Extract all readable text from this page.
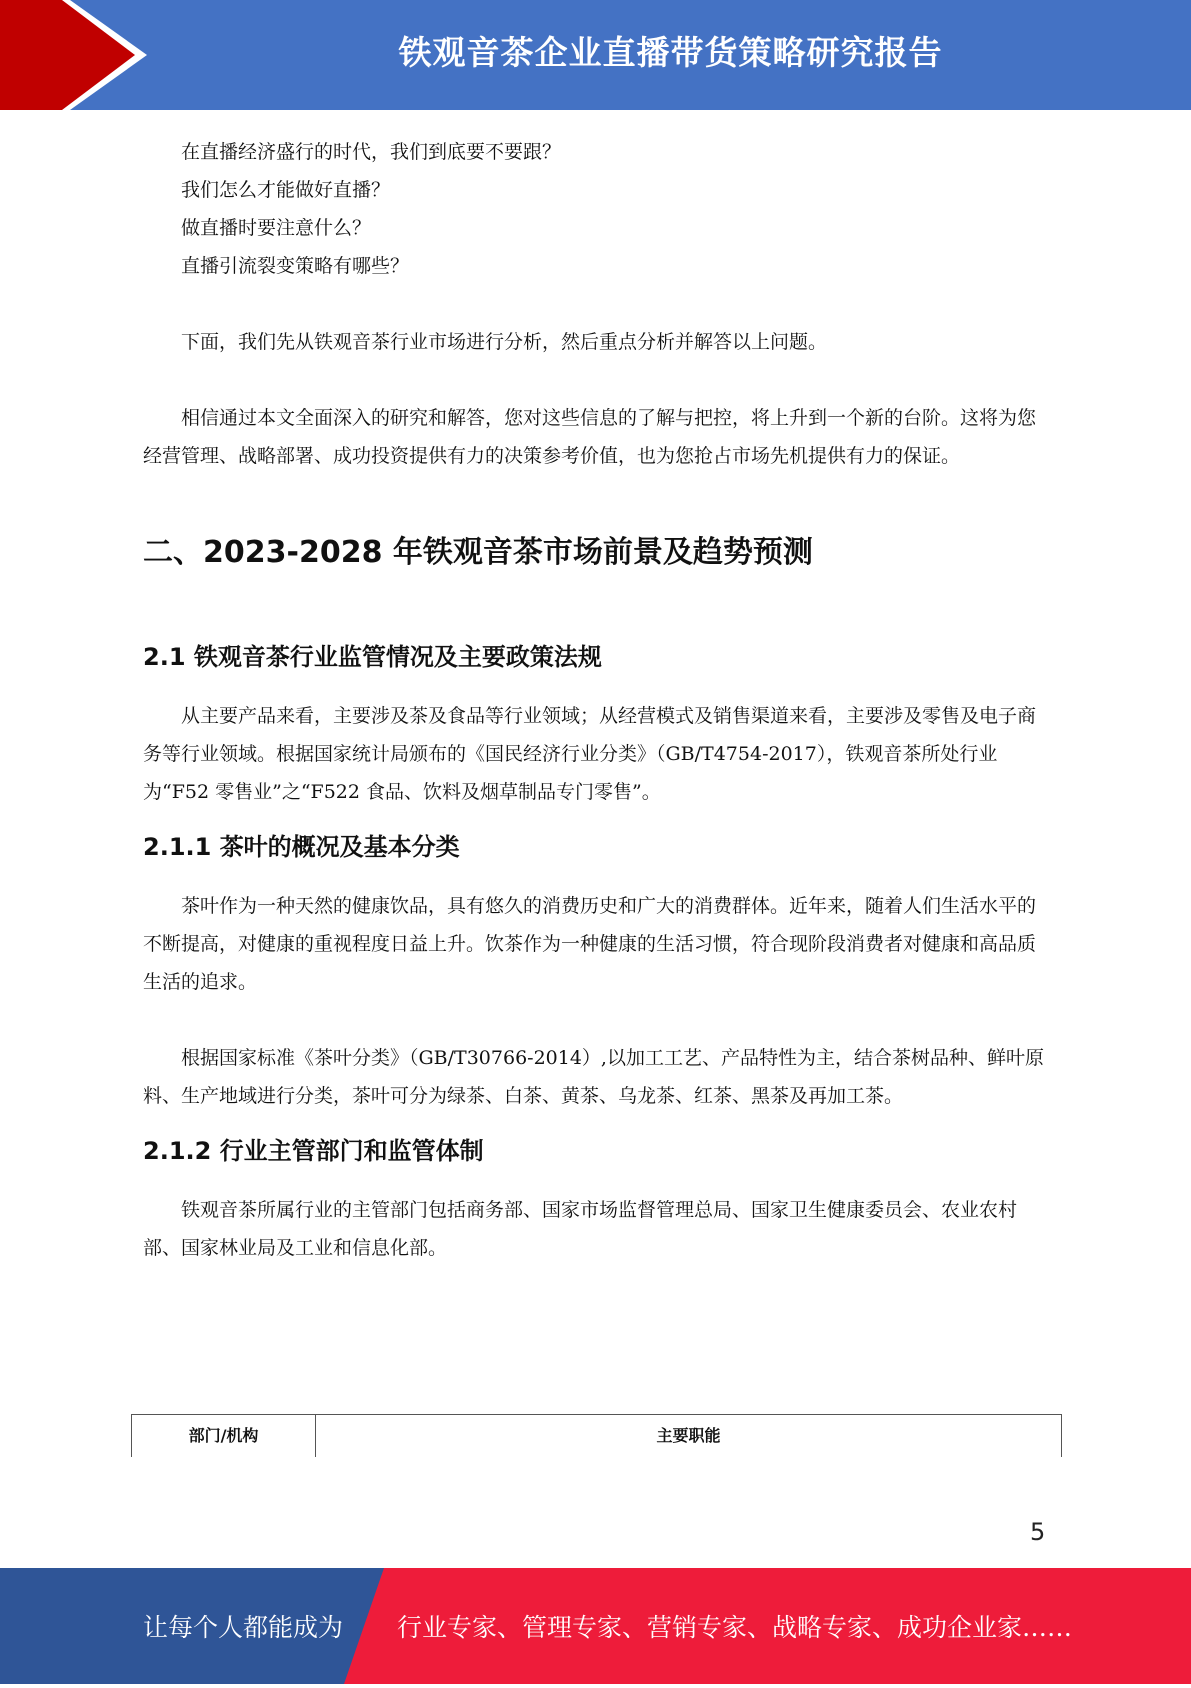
铁观音茶企业直播带货策略研究报告

在直播经济盛行的时代，我们到底要不要跟？

我们怎么才能做好直播？

做直播时要注意什么？

直播引流裂变策略有哪些？

下面，我们先从铁观音茶行业市场进行分析，然后重点分析并解答以上问题。

相信通过本文全面深入的研究和解答，您对这些信息的了解与把控，将上升到一个新的台阶。这将为您经营管理、战略部署、成功投资提供有力的决策参考价值，也为您抢占市场先机提供有力的保证。

二、2023-2028 年铁观音茶市场前景及趋势预测
2.1 铁观音茶行业监管情况及主要政策法规

从主要产品来看，主要涉及茶及食品等行业领域；从经营模式及销售渠道来看，主要涉及零售及电子商务等行业领域。根据国家统计局颁布的《国民经济行业分类》（GB/T4754-2017），铁观音茶所处行业为“F52 零售业”之“F522 食品、饮料及烟草制品专门零售”。

2.1.1 茶叶的概况及基本分类

茶叶作为一种天然的健康饮品，具有悠久的消费历史和广大的消费群体。近年来，随着人们生活水平的不断提高，对健康的重视程度日益上升。饮茶作为一种健康的生活习惯，符合现阶段消费者对健康和高品质生活的追求。

根据国家标准《茶叶分类》（GB/T30766-2014）,以加工工艺、产品特性为主，结合茶树品种、鲜叶原料、生产地域进行分类，茶叶可分为绿茶、白茶、黄茶、乌龙茶、红茶、黑茶及再加工茶。

2.1.2 行业主管部门和监管体制

铁观音茶所属行业的主管部门包括商务部、国家市场监督管理总局、国家卫生健康委员会、农业农村部、国家林业局及工业和信息化部。

部门/机构	主要职能
5
让每个人都能成为 行业专家、管理专家、营销专家、战略专家、成功企业家……
